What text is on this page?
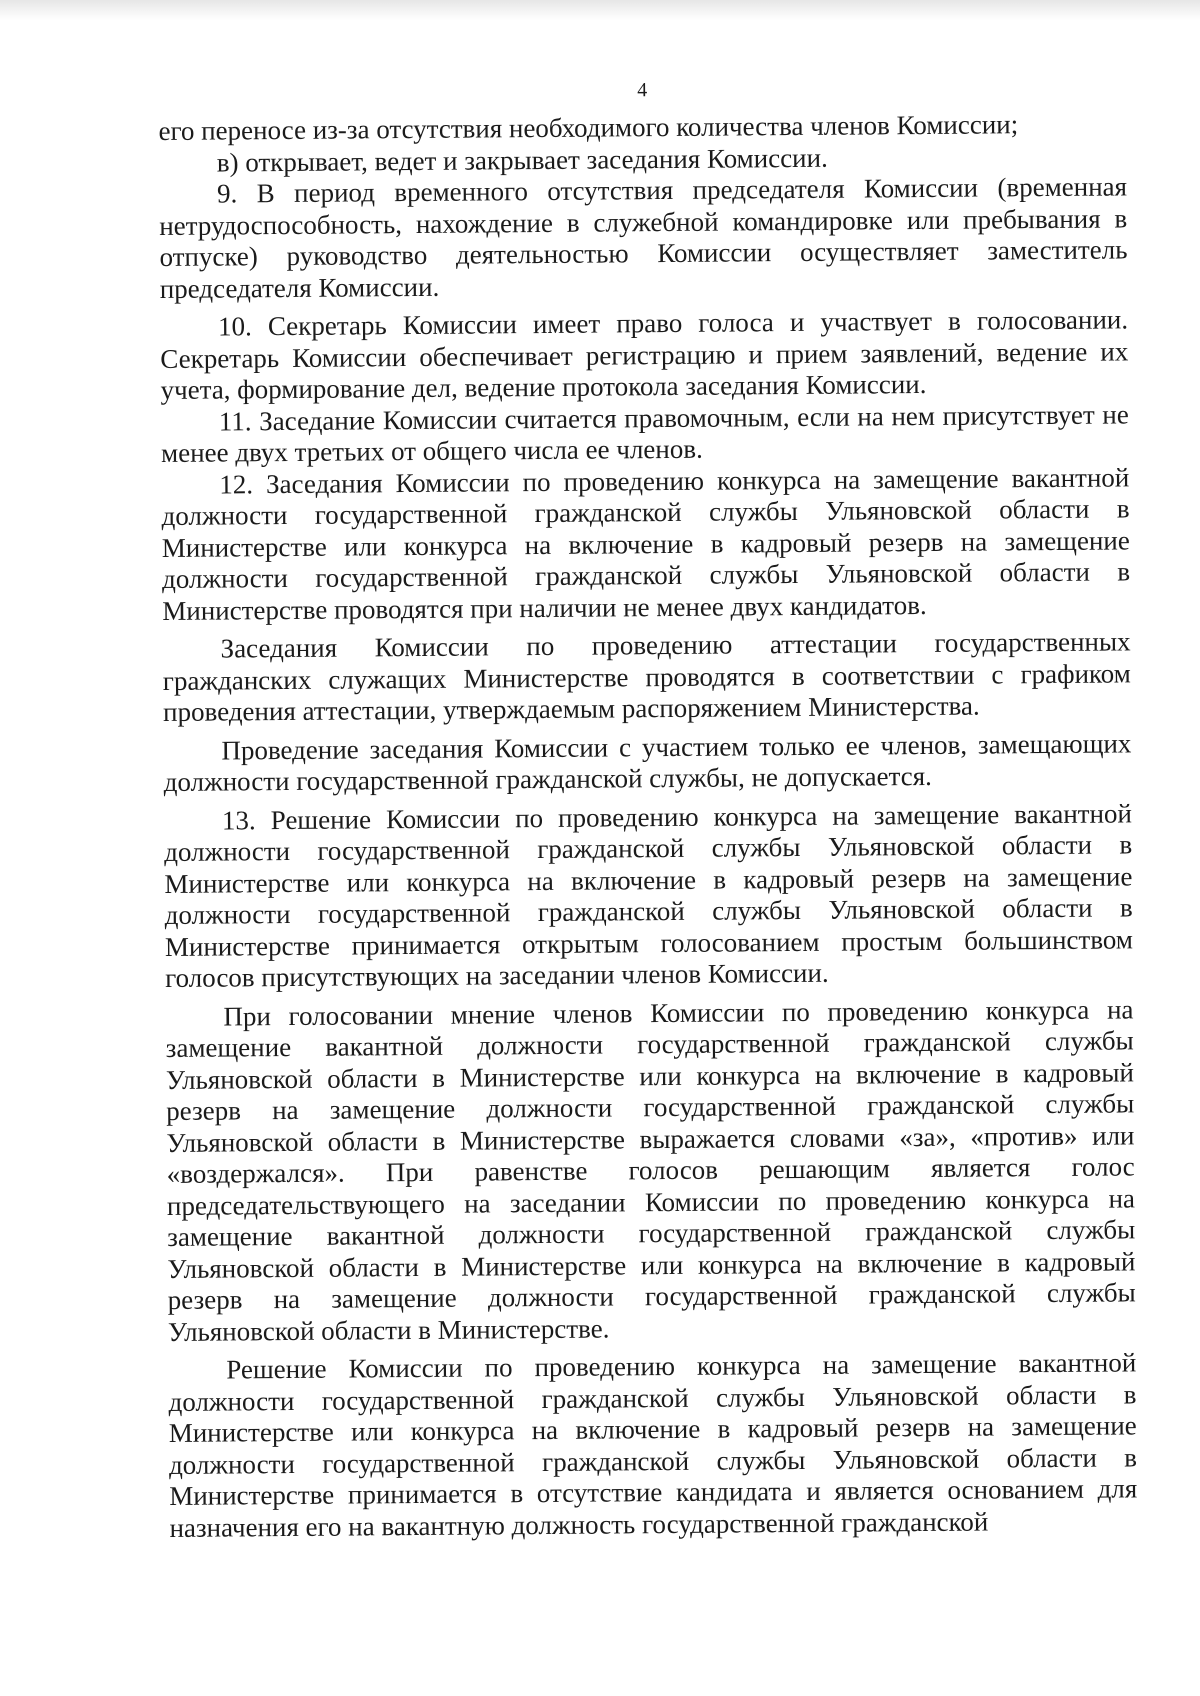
4

его переносе из-за отсутствия необходимого количества членов Комиссии;

в) открывает, ведет и закрывает заседания Комиссии.

9. В период временного отсутствия председателя Комиссии (временная нетрудоспособность, нахождение в служебной командировке или пребывания в отпуске) руководство деятельностью Комиссии осуществляет заместитель председателя Комиссии.

10. Секретарь Комиссии имеет право голоса и участвует в голосовании. Секретарь Комиссии обеспечивает регистрацию и прием заявлений, ведение их учета, формирование дел, ведение протокола заседания Комиссии.

11. Заседание Комиссии считается правомочным, если на нем присутствует не менее двух третьих от общего числа ее членов.

12. Заседания Комиссии по проведению конкурса на замещение вакантной должности государственной гражданской службы Ульяновской области в Министерстве или конкурса на включение в кадровый резерв на замещение должности государственной гражданской службы Ульяновской области в Министерстве проводятся при наличии не менее двух кандидатов.

Заседания Комиссии по проведению аттестации государственных гражданских служащих Министерстве проводятся в соответствии с графиком проведения аттестации, утверждаемым распоряжением Министерства.

Проведение заседания Комиссии с участием только ее членов, замещающих должности государственной гражданской службы, не допускается.

13. Решение Комиссии по проведению конкурса на замещение вакантной должности государственной гражданской службы Ульяновской области в Министерстве или конкурса на включение в кадровый резерв на замещение должности государственной гражданской службы Ульяновской области в Министерстве принимается открытым голосованием простым большинством голосов присутствующих на заседании членов Комиссии.

При голосовании мнение членов Комиссии по проведению конкурса на замещение вакантной должности государственной гражданской службы Ульяновской области в Министерстве или конкурса на включение в кадровый резерв на замещение должности государственной гражданской службы Ульяновской области в Министерстве выражается словами «за», «против» или «воздержался». При равенстве голосов решающим является голос председательствующего на заседании Комиссии по проведению конкурса на замещение вакантной должности государственной гражданской службы Ульяновской области в Министерстве или конкурса на включение в кадровый резерв на замещение должности государственной гражданской службы Ульяновской области в Министерстве.

Решение Комиссии по проведению конкурса на замещение вакантной должности государственной гражданской службы Ульяновской области в Министерстве или конкурса на включение в кадровый резерв на замещение должности государственной гражданской службы Ульяновской области в Министерстве принимается в отсутствие кандидата и является основанием для назначения его на вакантную должность государственной гражданской
